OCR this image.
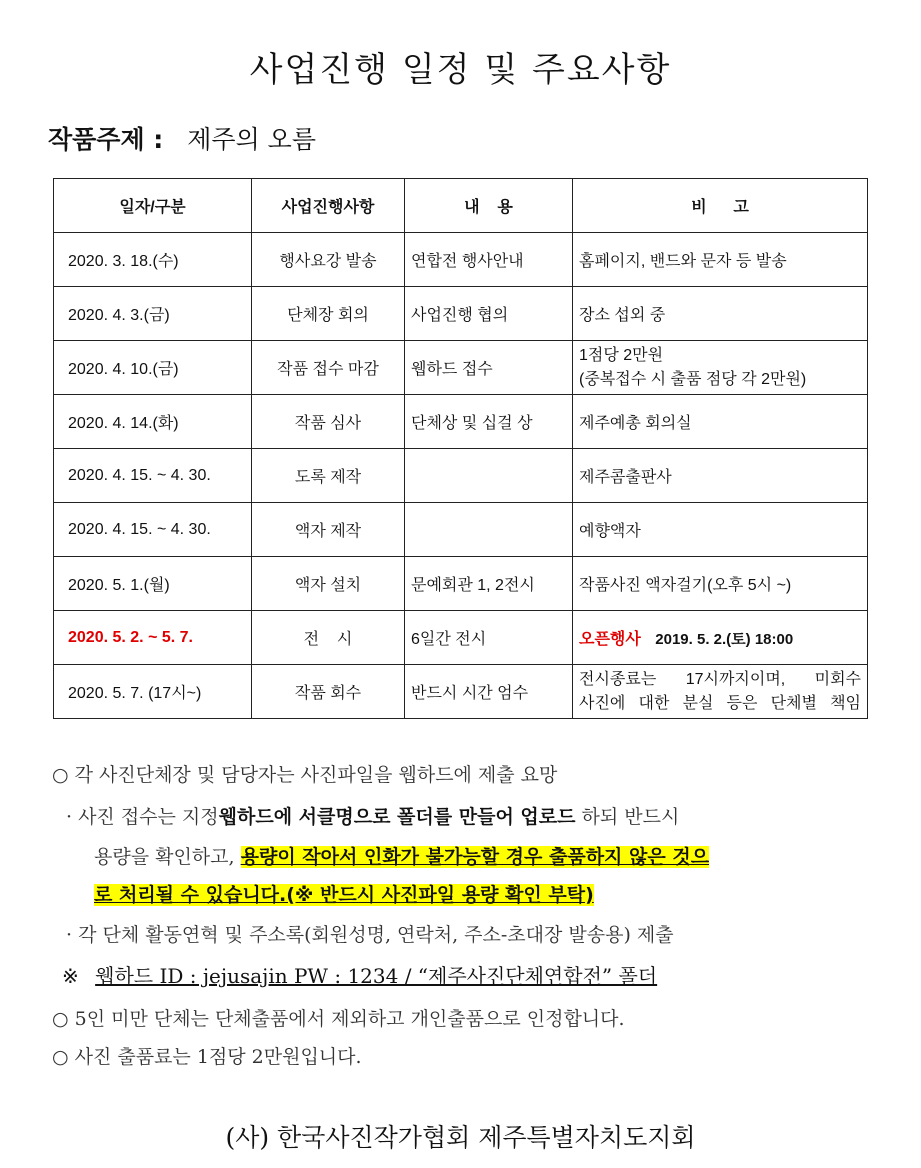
사업진행 일정 및 주요사항
작품주제 : 제주의 오름
일자/구분	사업진행사항	내    용	비      고
2020. 3. 18.(수)	행사요강 발송	연합전 행사안내	홈페이지, 밴드와 문자 등 발송
2020. 4. 3.(금)	단체장 회의	사업진행 협의	장소 섭외 중
2020. 4. 10.(금)	작품 접수 마감	웹하드 접수	1점당 2만원
(중복접수 시 출품 점당 각 2만원)

2020. 4. 14.(화)	작품 심사	단체상 및 십걸 상	제주예총 회의실
2020. 4. 15. ~ 4. 30.	도록 제작		제주콤출판사
2020. 4. 15. ~ 4. 30.	액자 제작		예향액자
2020. 5. 1.(월)	액자 설치	문예회관 1, 2전시	작품사진 액자걸기(오후 5시 ~)
2020. 5. 2. ~ 5. 7.	전    시	6일간 전시	오픈행사 2019. 5. 2.(토) 18:00
2020. 5. 7. (17시~)	작품 회수	반드시 시간 엄수	전시종료는 17시까지이며, 미회수
사진에 대한 분실 등은 단체별 책임
○ 각 사진단체장 및 담당자는 사진파일을 웹하드에 제출 요망
· 사진 접수는 지정웹하드에 서클명으로 폴더를 만들어 업로드 하되 반드시
용량을 확인하고, 용량이 작아서 인화가 불가능할 경우 출품하지 않은 것으
로 처리될 수 있습니다.(※ 반드시 사진파일 용량 확인 부탁)
· 각 단체 활동연혁 및 주소록(회원성명, 연락처, 주소-초대장 발송용) 제출
※ 웹하드 ID : jejusajin PW : 1234 / “제주사진단체연합전” 폴더
○ 5인 미만 단체는 단체출품에서 제외하고 개인출품으로 인정합니다.
○ 사진 출품료는 1점당 2만원입니다.
(사) 한국사진작가협회 제주특별자치도지회
